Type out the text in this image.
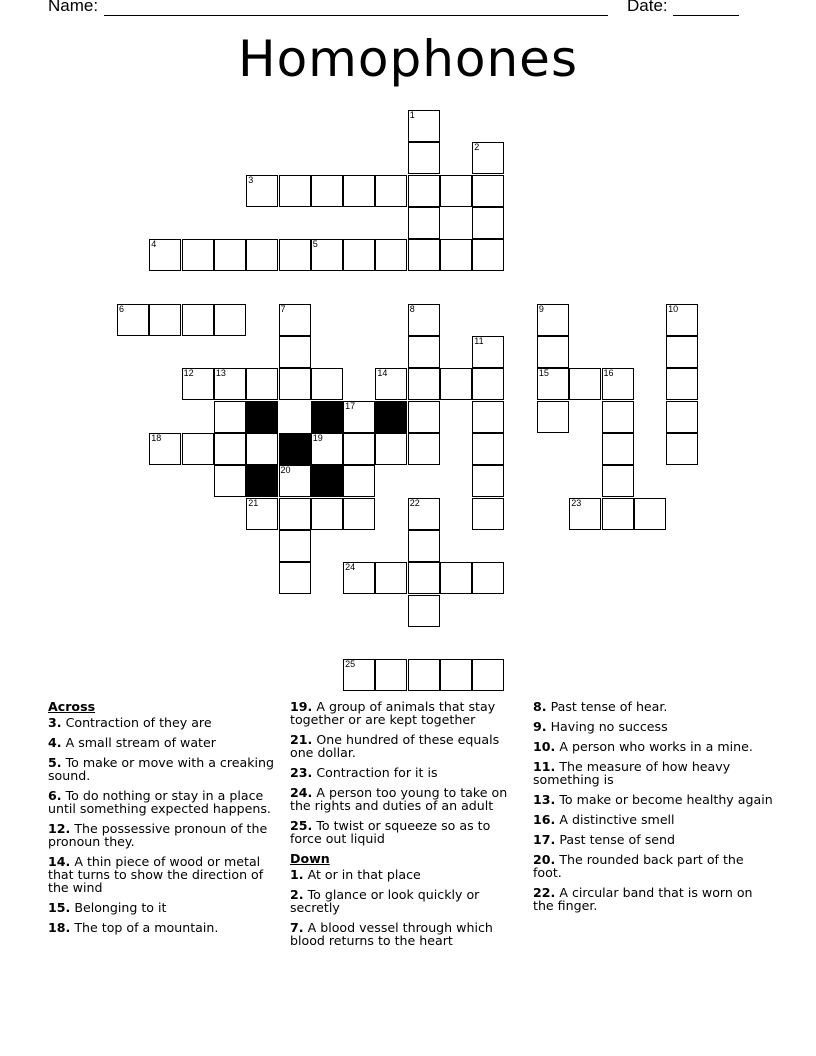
Name:	Date:
Homophones
1
2
3
4	5
6	7	8	9
15
10
11
12 13	14	16
17
18	19
20
21	22	23
24
25
Across
3. Contraction of they are
4. A small stream of water
5. To make or move with a creaking sound.
6. To do nothing or stay in a place until something expected happens.
12. The possessive pronoun of the pronoun they.
14. A thin piece of wood or metal that turns to show the direction of the wind
15. Belonging to it
18. The top of a mountain.
19. A group of animals that stay together or are kept together
21. One hundred of these equals one dollar.
23. Contraction for it is
24. A person too young to take on the rights and duties of an adult
25. To twist or squeeze so as to force out liquid
Down
1. At or in that place
2. To glance or look quickly or secretly
7. A blood vessel through which blood returns to the heart
8. Past tense of hear.
9. Having no success
10. A person who works in a mine.
11. The measure of how heavy something is
13. To make or become healthy again
16. A distinctive smell
17. Past tense of send
20. The rounded back part of the foot.
22. A circular band that is worn on the finger.
